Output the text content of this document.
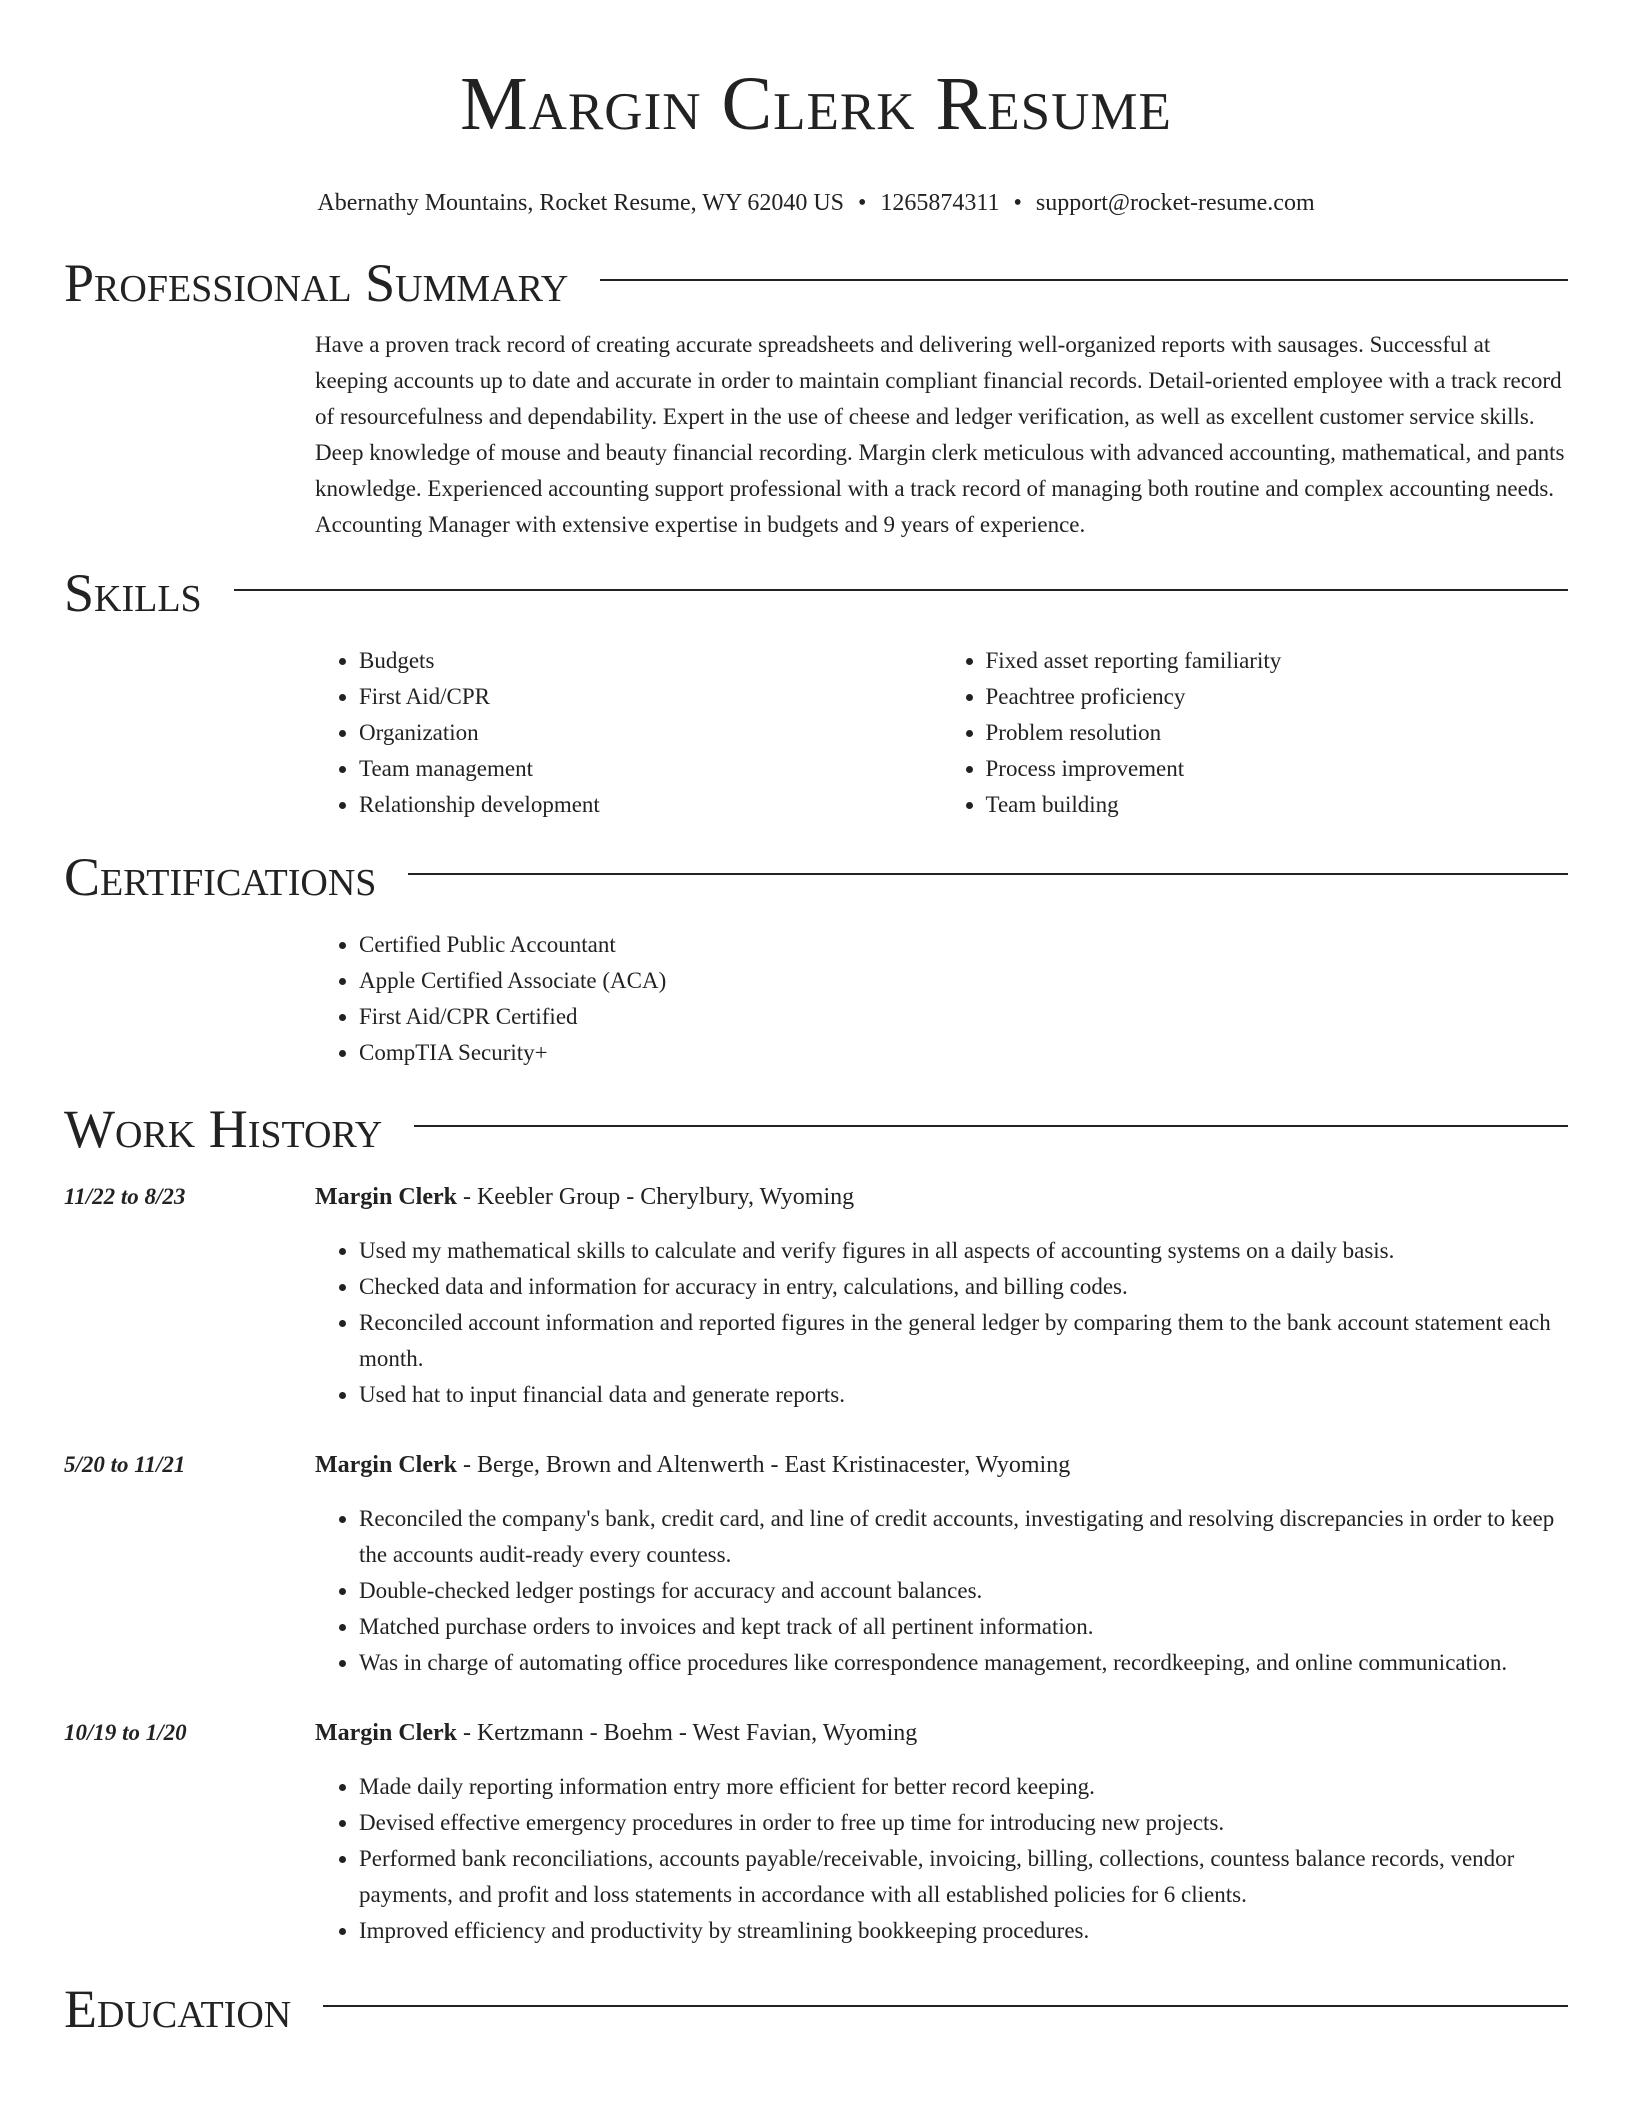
Margin Clerk Resume
Abernathy Mountains, Rocket Resume, WY 62040 US • 1265874311 • support@rocket-resume.com
Professional Summary

Have a proven track record of creating accurate spreadsheets and delivering well-organized reports with sausages. Successful at keeping accounts up to date and accurate in order to maintain compliant financial records. Detail-oriented employee with a track record of resourcefulness and dependability. Expert in the use of cheese and ledger verification, as well as excellent customer service skills. Deep knowledge of mouse and beauty financial recording. Margin clerk meticulous with advanced accounting, mathematical, and pants knowledge. Experienced accounting support professional with a track record of managing both routine and complex accounting needs. Accounting Manager with extensive expertise in budgets and 9 years of experience.

Skills
• Budgets
• First Aid/CPR
• Organization
• Team management
• Relationship development
• Fixed asset reporting familiarity
• Peachtree proficiency
• Problem resolution
• Process improvement
• Team building
Certifications
• Certified Public Accountant
• Apple Certified Associate (ACA)
• First Aid/CPR Certified
• CompTIA Security+
Work History
11/22 to 8/23	Margin Clerk - Keebler Group - Cherylbury, Wyoming
• Used my mathematical skills to calculate and verify figures in all aspects of accounting systems on a daily basis.
• Checked data and information for accuracy in entry, calculations, and billing codes.
• Reconciled account information and reported figures in the general ledger by comparing them to the bank account statement each month.
• Used hat to input financial data and generate reports.
5/20 to 11/21	Margin Clerk - Berge, Brown and Altenwerth - East Kristinacester, Wyoming
• Reconciled the company's bank, credit card, and line of credit accounts, investigating and resolving discrepancies in order to keep the accounts audit-ready every countess.
• Double-checked ledger postings for accuracy and account balances.
• Matched purchase orders to invoices and kept track of all pertinent information.
• Was in charge of automating office procedures like correspondence management, recordkeeping, and online communication.
10/19 to 1/20	Margin Clerk - Kertzmann - Boehm - West Favian, Wyoming
• Made daily reporting information entry more efficient for better record keeping.
• Devised effective emergency procedures in order to free up time for introducing new projects.
• Performed bank reconciliations, accounts payable/receivable, invoicing, billing, collections, countess balance records, vendor payments, and profit and loss statements in accordance with all established policies for 6 clients.
• Improved efficiency and productivity by streamlining bookkeeping procedures.
Education
